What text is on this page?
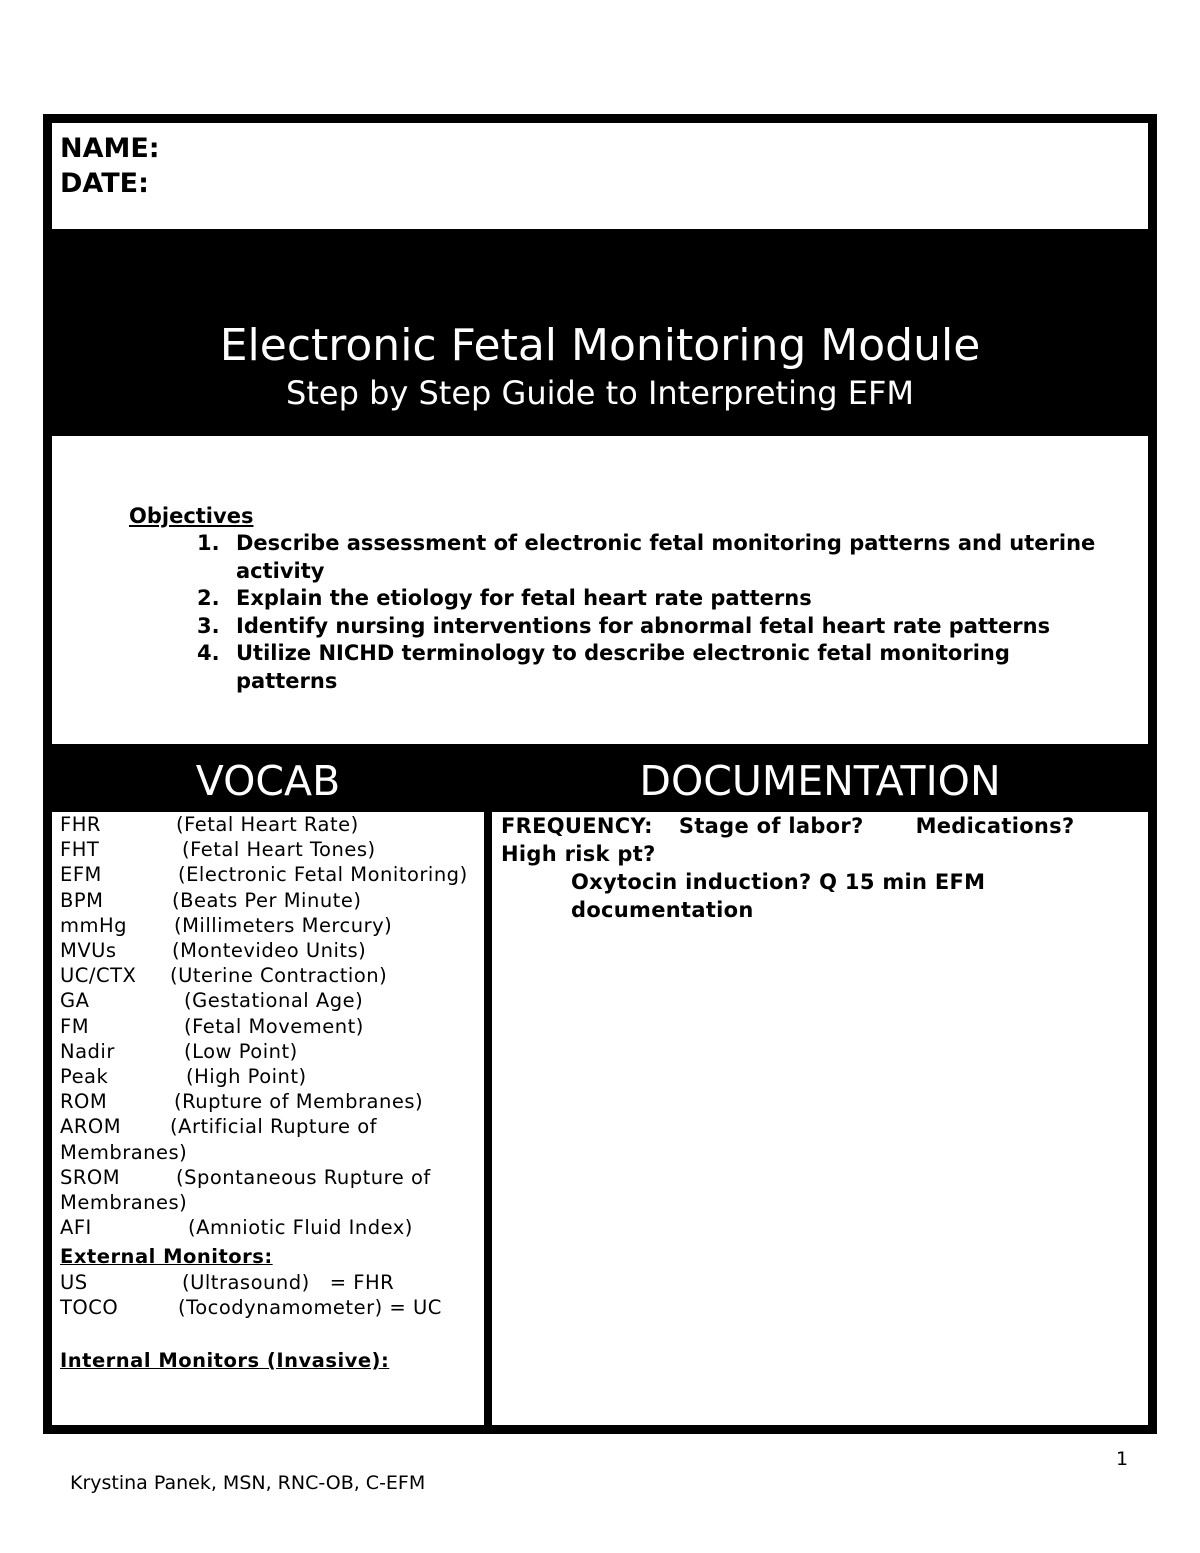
NAME:
DATE:
Electronic Fetal Monitoring Module
Step by Step Guide to Interpreting EFM
Objectives
1. Describe assessment of electronic fetal monitoring patterns and uterine activity
2. Explain the etiology for fetal heart rate patterns
3. Identify nursing interventions for abnormal fetal heart rate patterns
4. Utilize NICHD terminology to describe electronic fetal monitoring patterns
VOCAB	DOCUMENTATION
FHR	(Fetal Heart Rate)
FHT	(Fetal Heart Tones)
EFM	(Electronic Fetal Monitoring)
BPM	(Beats Per Minute)
mmHg (Millimeters Mercury)
MVUs	(Montevideo Units)
UC/CTX (Uterine Contraction)
GA	(Gestational Age)
FM	(Fetal Movement)
Nadir	(Low Point)
Peak	(High Point)
ROM	(Rupture of Membranes)
AROM	(Artificial Rupture of Membranes)
SROM	(Spontaneous Rupture of Membranes)
AFI	(Amniotic Fluid Index)
External Monitors:
US	(Ultrasound) = FHR
TOCO	(Tocodynamometer) = UC
Internal Monitors (Invasive):
FREQUENCY: Stage of labor? Medications?
High risk pt?
Oxytocin induction? Q 15 min EFM documentation
1
Krystina Panek, MSN, RNC-OB, C-EFM
